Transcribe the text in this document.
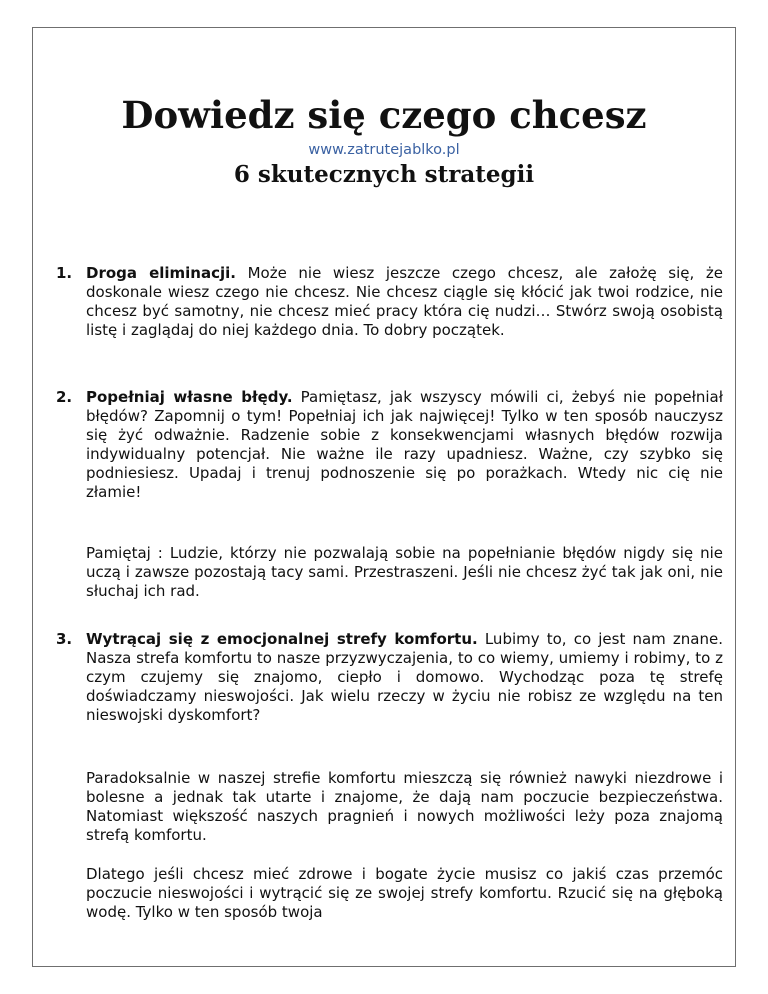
Dowiedz się czego chcesz
www.zatrutejablko.pl
6 skutecznych strategii
1. Droga eliminacji. Może nie wiesz jeszcze czego chcesz, ale założę się, że doskonale wiesz czego nie chcesz. Nie chcesz ciągle się kłócić jak twoi rodzice, nie chcesz być samotny, nie chcesz mieć pracy która cię nudzi… Stwórz swoją osobistą listę i zaglądaj do niej każdego dnia. To dobry początek.

2. Popełniaj własne błędy. Pamiętasz, jak wszyscy mówili ci, żebyś nie popełniał błędów? Zapomnij o tym! Popełniaj ich jak najwięcej! Tylko w ten sposób nauczysz się żyć odważnie. Radzenie sobie z konsekwencjami własnych błędów rozwija indywidualny potencjał. Nie ważne ile razy upadniesz. Ważne, czy szybko się podniesiesz. Upadaj i trenuj podnoszenie się po porażkach. Wtedy nic cię nie złamie!

Pamiętaj : Ludzie, którzy nie pozwalają sobie na popełnianie błędów nigdy się nie uczą i zawsze pozostają tacy sami. Przestraszeni. Jeśli nie chcesz żyć tak jak oni, nie słuchaj ich rad.

3. Wytrącaj się z emocjonalnej strefy komfortu. Lubimy to, co jest nam znane. Nasza strefa komfortu to nasze przyzwyczajenia, to co wiemy, umiemy i robimy, to z czym czujemy się znajomo, ciepło i domowo. Wychodząc poza tę strefę doświadczamy nieswojości. Jak wielu rzeczy w życiu nie robisz ze względu na ten nieswojski dyskomfort?

Paradoksalnie w naszej strefie komfortu mieszczą się również nawyki niezdrowe i bolesne a jednak tak utarte i znajome, że dają nam poczucie bezpieczeństwa. Natomiast większość naszych pragnień i nowych możliwości leży poza znajomą strefą komfortu.

Dlatego jeśli chcesz mieć zdrowe i bogate życie musisz co jakiś czas przemóc poczucie nieswojości i wytrącić się ze swojej strefy komfortu. Rzucić się na głęboką wodę. Tylko w ten sposób twoja
